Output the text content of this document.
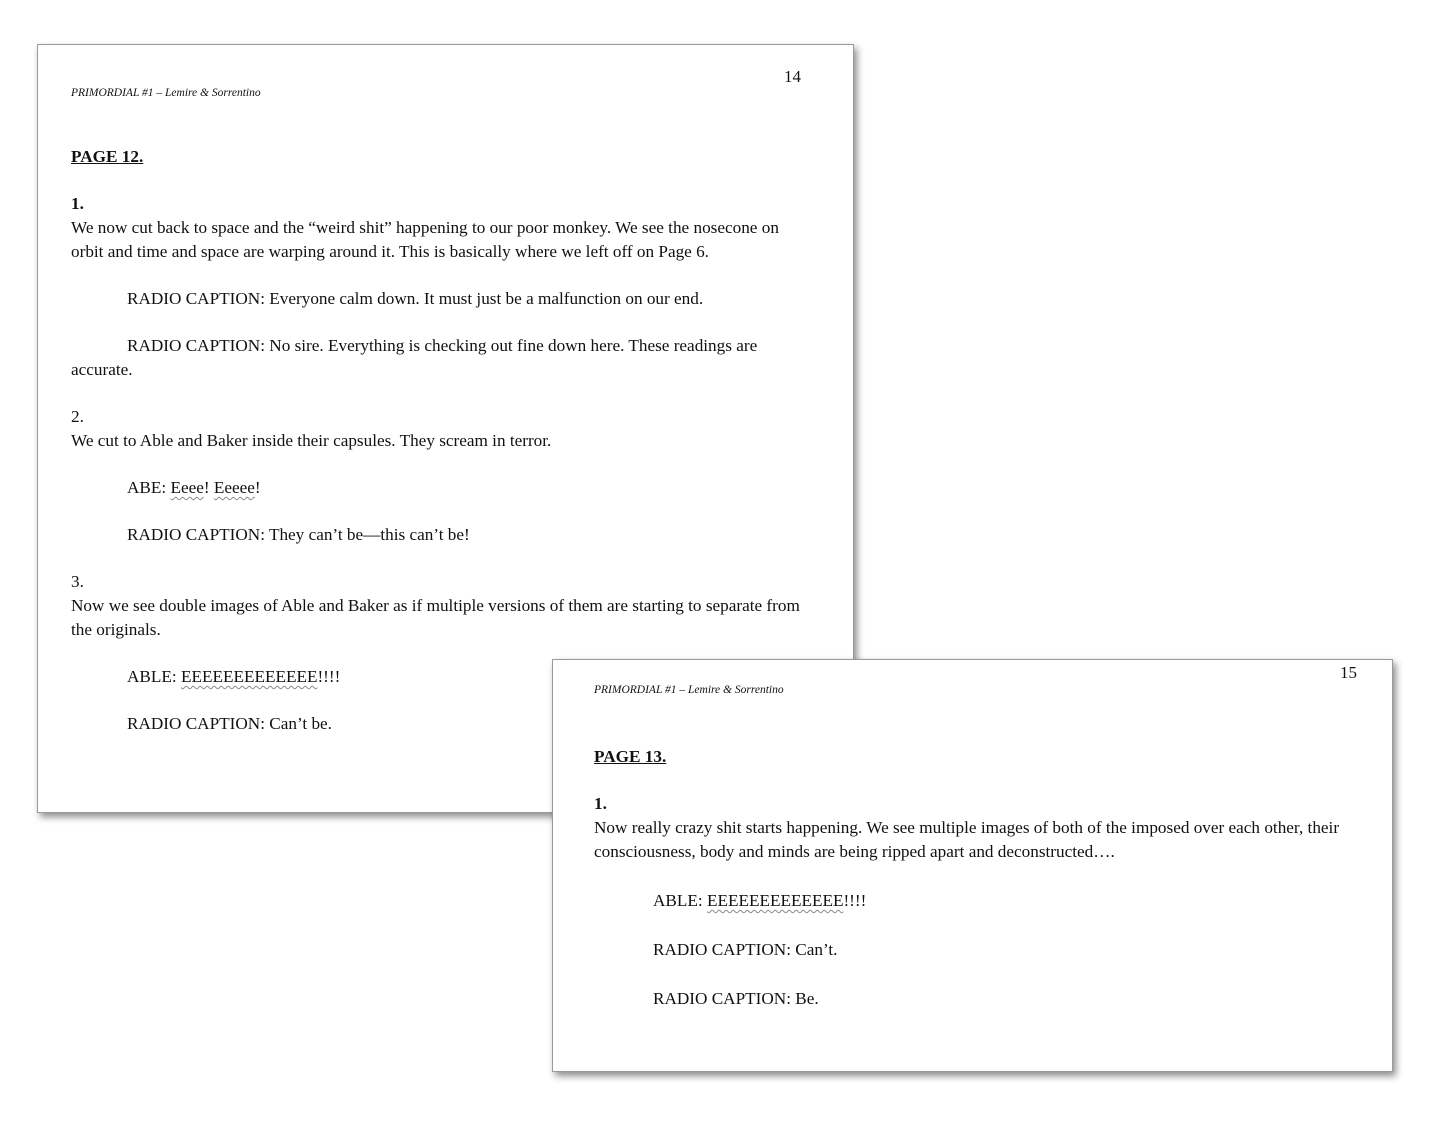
14
PRIMORDIAL #1 – Lemire & Sorrentino

PAGE 12.

1.

We now cut back to space and the “weird shit” happening to our poor monkey. We see the nosecone on orbit and time and space are warping around it. This is basically where we left off on Page 6.

RADIO CAPTION: Everyone calm down. It must just be a malfunction on our end.

RADIO CAPTION: No sire. Everything is checking out fine down here. These readings are accurate.

2.

We cut to Able and Baker inside their capsules. They scream in terror.

ABE: Eeee! Eeeee!

RADIO CAPTION: They can’t be—this can’t be!

3.

Now we see double images of Able and Baker as if multiple versions of them are starting to separate from the originals.

ABLE: EEEEEEEEEEEEE!!!!

RADIO CAPTION: Can’t be.

15
PRIMORDIAL #1 – Lemire & Sorrentino

PAGE 13.

1.

Now really crazy shit starts happening. We see multiple images of both of the imposed over each other, their consciousness, body and minds are being ripped apart and deconstructed….

ABLE: EEEEEEEEEEEEE!!!!

RADIO CAPTION: Can’t.

RADIO CAPTION: Be.
